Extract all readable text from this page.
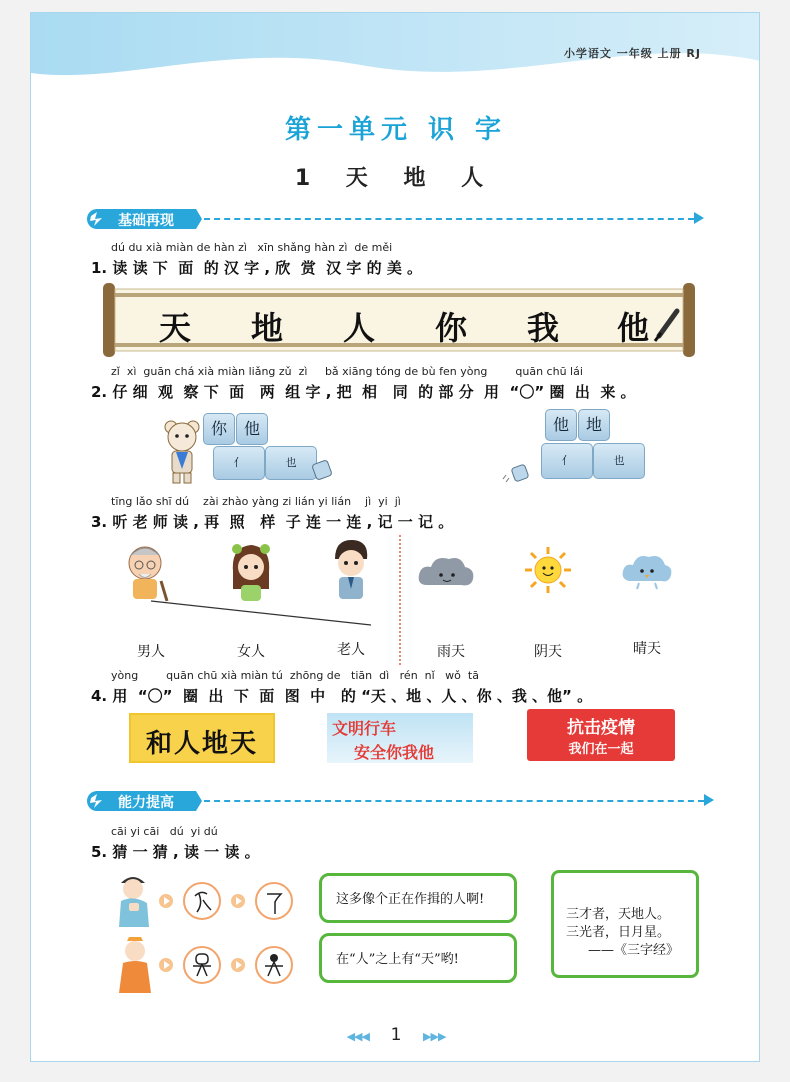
小学语文 一年级 上册 RJ
第一单元 识 字
1 天 地 人
基础再现
dú du xià miàn de hàn zì   xīn shǎng hàn zì  de měi
1. 读 读 下  面  的 汉 字 , 欣  赏  汉 字 的 美 。
天 地 人 你 我 他
zǐ  xì  guān chá xià miàn liǎng zǔ  zì     bǎ xiāng tóng de bù fen yòng        quān chū lái
2. 仔 细  观  察 下  面   两  组 字 , 把  相   同  的 部 分  用  “〇” 圈  出  来 。
你	他
亻	也
他	地
亻	也
tīng lǎo shī dú    zài zhào yàng zi lián yi lián    jì  yi  jì
3. 听 老 师 读 , 再  照   样  子 连 一 连 , 记 一 记 。
男人	女人	老人	雨天	阴天	晴天
yòng        quān chū xià miàn tú  zhōng de   tiān  dì   rén  nǐ   wǒ  tā
4. 用  “〇”  圈  出  下  面  图  中   的 “天 、地 、人 、你 、我 、他” 。
和人地天
文明行车
安全你我他
抗击疫情
我们在一起
能力提高
cāi yi cāi   dú  yi dú
5. 猜 一 猜 , 读 一 读 。
这多像个正在作揖的人啊!
在“人”之上有“天”哟!
三才者，天地人。
三光者，日月星。
——《三字经》
◀◀◀ 1 ▶▶▶
